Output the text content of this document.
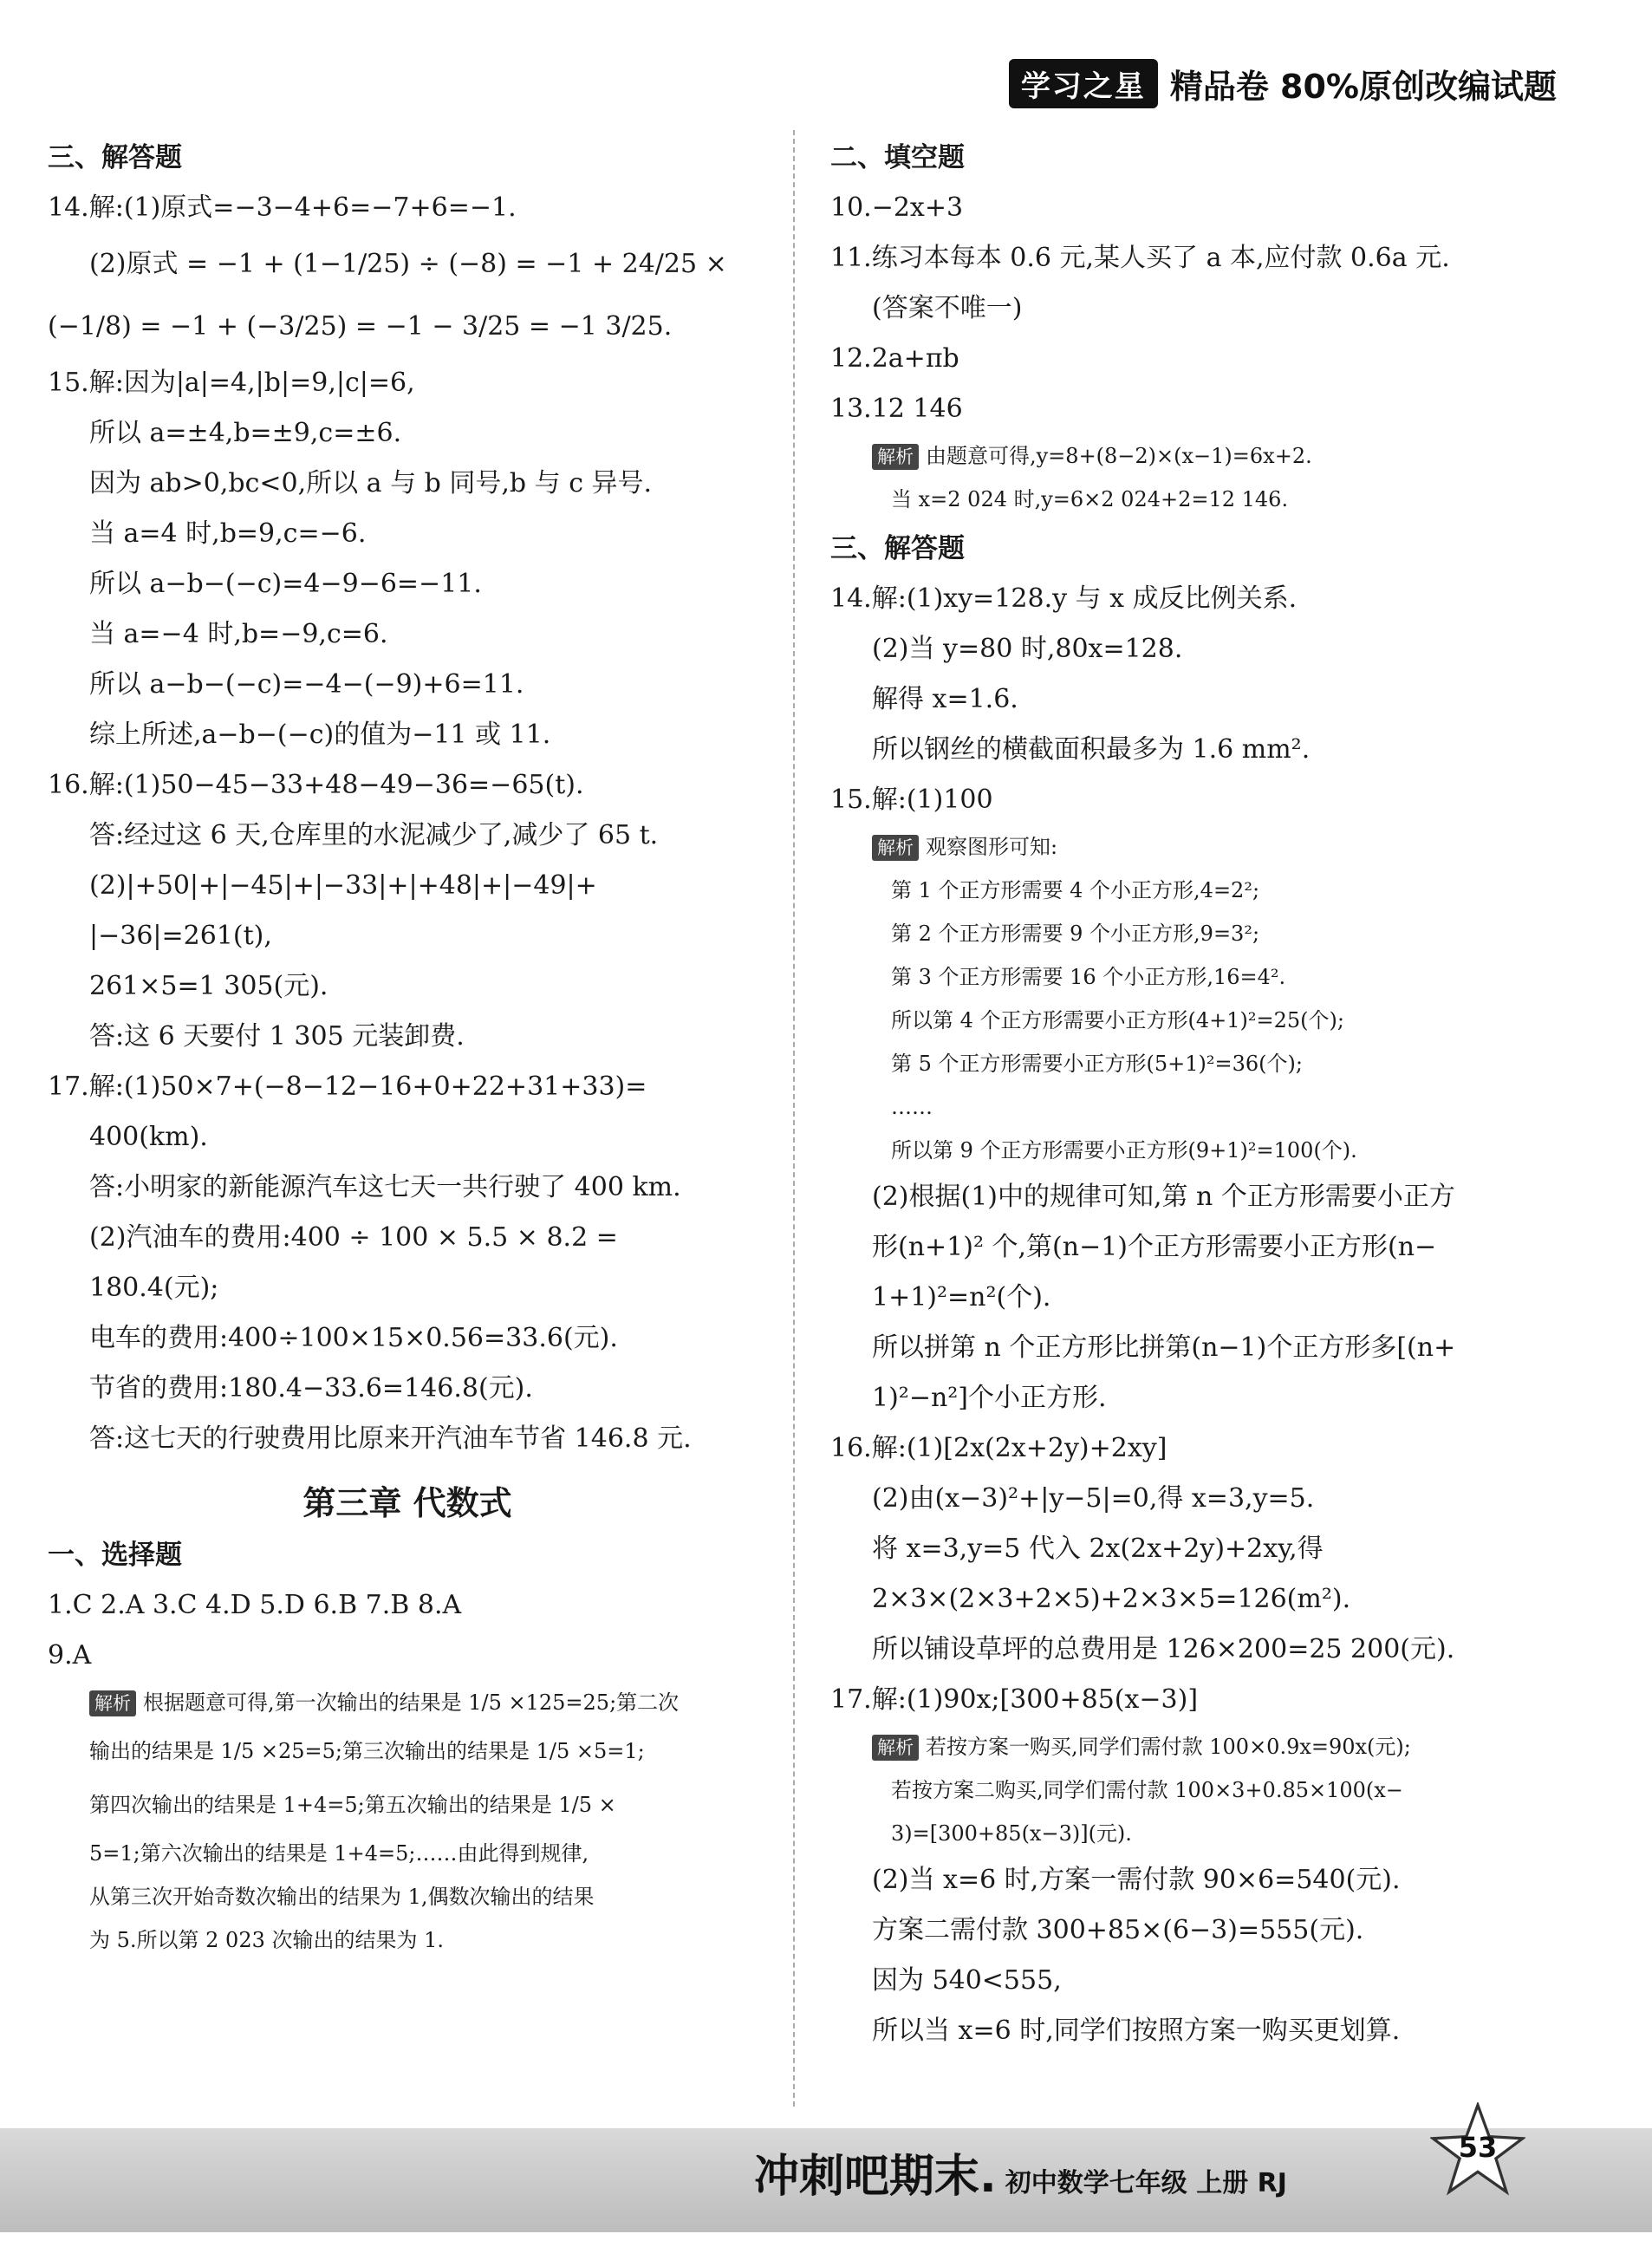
学习之星 精品卷 80%原创改编试题
三、解答题
14.解:(1)原式=−3−4+6=−7+6=−1.
(2)原式 = −1 + (1−1/25) ÷ (−8) = −1 + 24/25 ×
(−1/8) = −1 + (−3/25) = −1 − 3/25 = −1 3/25.
15.解:因为|a|=4,|b|=9,|c|=6,
所以 a=±4,b=±9,c=±6.
因为 ab>0,bc<0,所以 a 与 b 同号,b 与 c 异号.
当 a=4 时,b=9,c=−6.
所以 a−b−(−c)=4−9−6=−11.
当 a=−4 时,b=−9,c=6.
所以 a−b−(−c)=−4−(−9)+6=11.
综上所述,a−b−(−c)的值为−11 或 11.
16.解:(1)50−45−33+48−49−36=−65(t).
答:经过这 6 天,仓库里的水泥减少了,减少了 65 t.
(2)|+50|+|−45|+|−33|+|+48|+|−49|+
|−36|=261(t),
261×5=1 305(元).
答:这 6 天要付 1 305 元装卸费.
17.解:(1)50×7+(−8−12−16+0+22+31+33)=
400(km).
答:小明家的新能源汽车这七天一共行驶了 400 km.
(2)汽油车的费用:400 ÷ 100 × 5.5 × 8.2 =
180.4(元);
电车的费用:400÷100×15×0.56=33.6(元).
节省的费用:180.4−33.6=146.8(元).
答:这七天的行驶费用比原来开汽油车节省 146.8 元.
第三章 代数式
一、选择题
1.C 2.A 3.C 4.D 5.D 6.B 7.B 8.A
9.A
解析 根据题意可得,第一次输出的结果是 1/5 ×125=25;第二次
输出的结果是 1/5 ×25=5;第三次输出的结果是 1/5 ×5=1;
第四次输出的结果是 1+4=5;第五次输出的结果是 1/5 ×
5=1;第六次输出的结果是 1+4=5;……由此得到规律,
从第三次开始奇数次输出的结果为 1,偶数次输出的结果
为 5.所以第 2 023 次输出的结果为 1.
二、填空题
10.−2x+3
11.练习本每本 0.6 元,某人买了 a 本,应付款 0.6a 元.
(答案不唯一)
12.2a+πb
13.12 146
解析 由题意可得,y=8+(8−2)×(x−1)=6x+2.
当 x=2 024 时,y=6×2 024+2=12 146.
三、解答题
14.解:(1)xy=128.y 与 x 成反比例关系.
(2)当 y=80 时,80x=128.
解得 x=1.6.
所以钢丝的横截面积最多为 1.6 mm².
15.解:(1)100
解析 观察图形可知:
第 1 个正方形需要 4 个小正方形,4=2²;
第 2 个正方形需要 9 个小正方形,9=3²;
第 3 个正方形需要 16 个小正方形,16=4².
所以第 4 个正方形需要小正方形(4+1)²=25(个);
第 5 个正方形需要小正方形(5+1)²=36(个);
……
所以第 9 个正方形需要小正方形(9+1)²=100(个).
(2)根据(1)中的规律可知,第 n 个正方形需要小正方
形(n+1)² 个,第(n−1)个正方形需要小正方形(n−
1+1)²=n²(个).
所以拼第 n 个正方形比拼第(n−1)个正方形多[(n+
1)²−n²]个小正方形.
16.解:(1)[2x(2x+2y)+2xy]
(2)由(x−3)²+|y−5|=0,得 x=3,y=5.
将 x=3,y=5 代入 2x(2x+2y)+2xy,得
2×3×(2×3+2×5)+2×3×5=126(m²).
所以铺设草坪的总费用是 126×200=25 200(元).
17.解:(1)90x;[300+85(x−3)]
解析 若按方案一购买,同学们需付款 100×0.9x=90x(元);
若按方案二购买,同学们需付款 100×3+0.85×100(x−
3)=[300+85(x−3)](元).
(2)当 x=6 时,方案一需付款 90×6=540(元).
方案二需付款 300+85×(6−3)=555(元).
因为 540<555,
所以当 x=6 时,同学们按照方案一购买更划算.
冲刺吧期末. 初中数学七年级 上册 RJ
53
